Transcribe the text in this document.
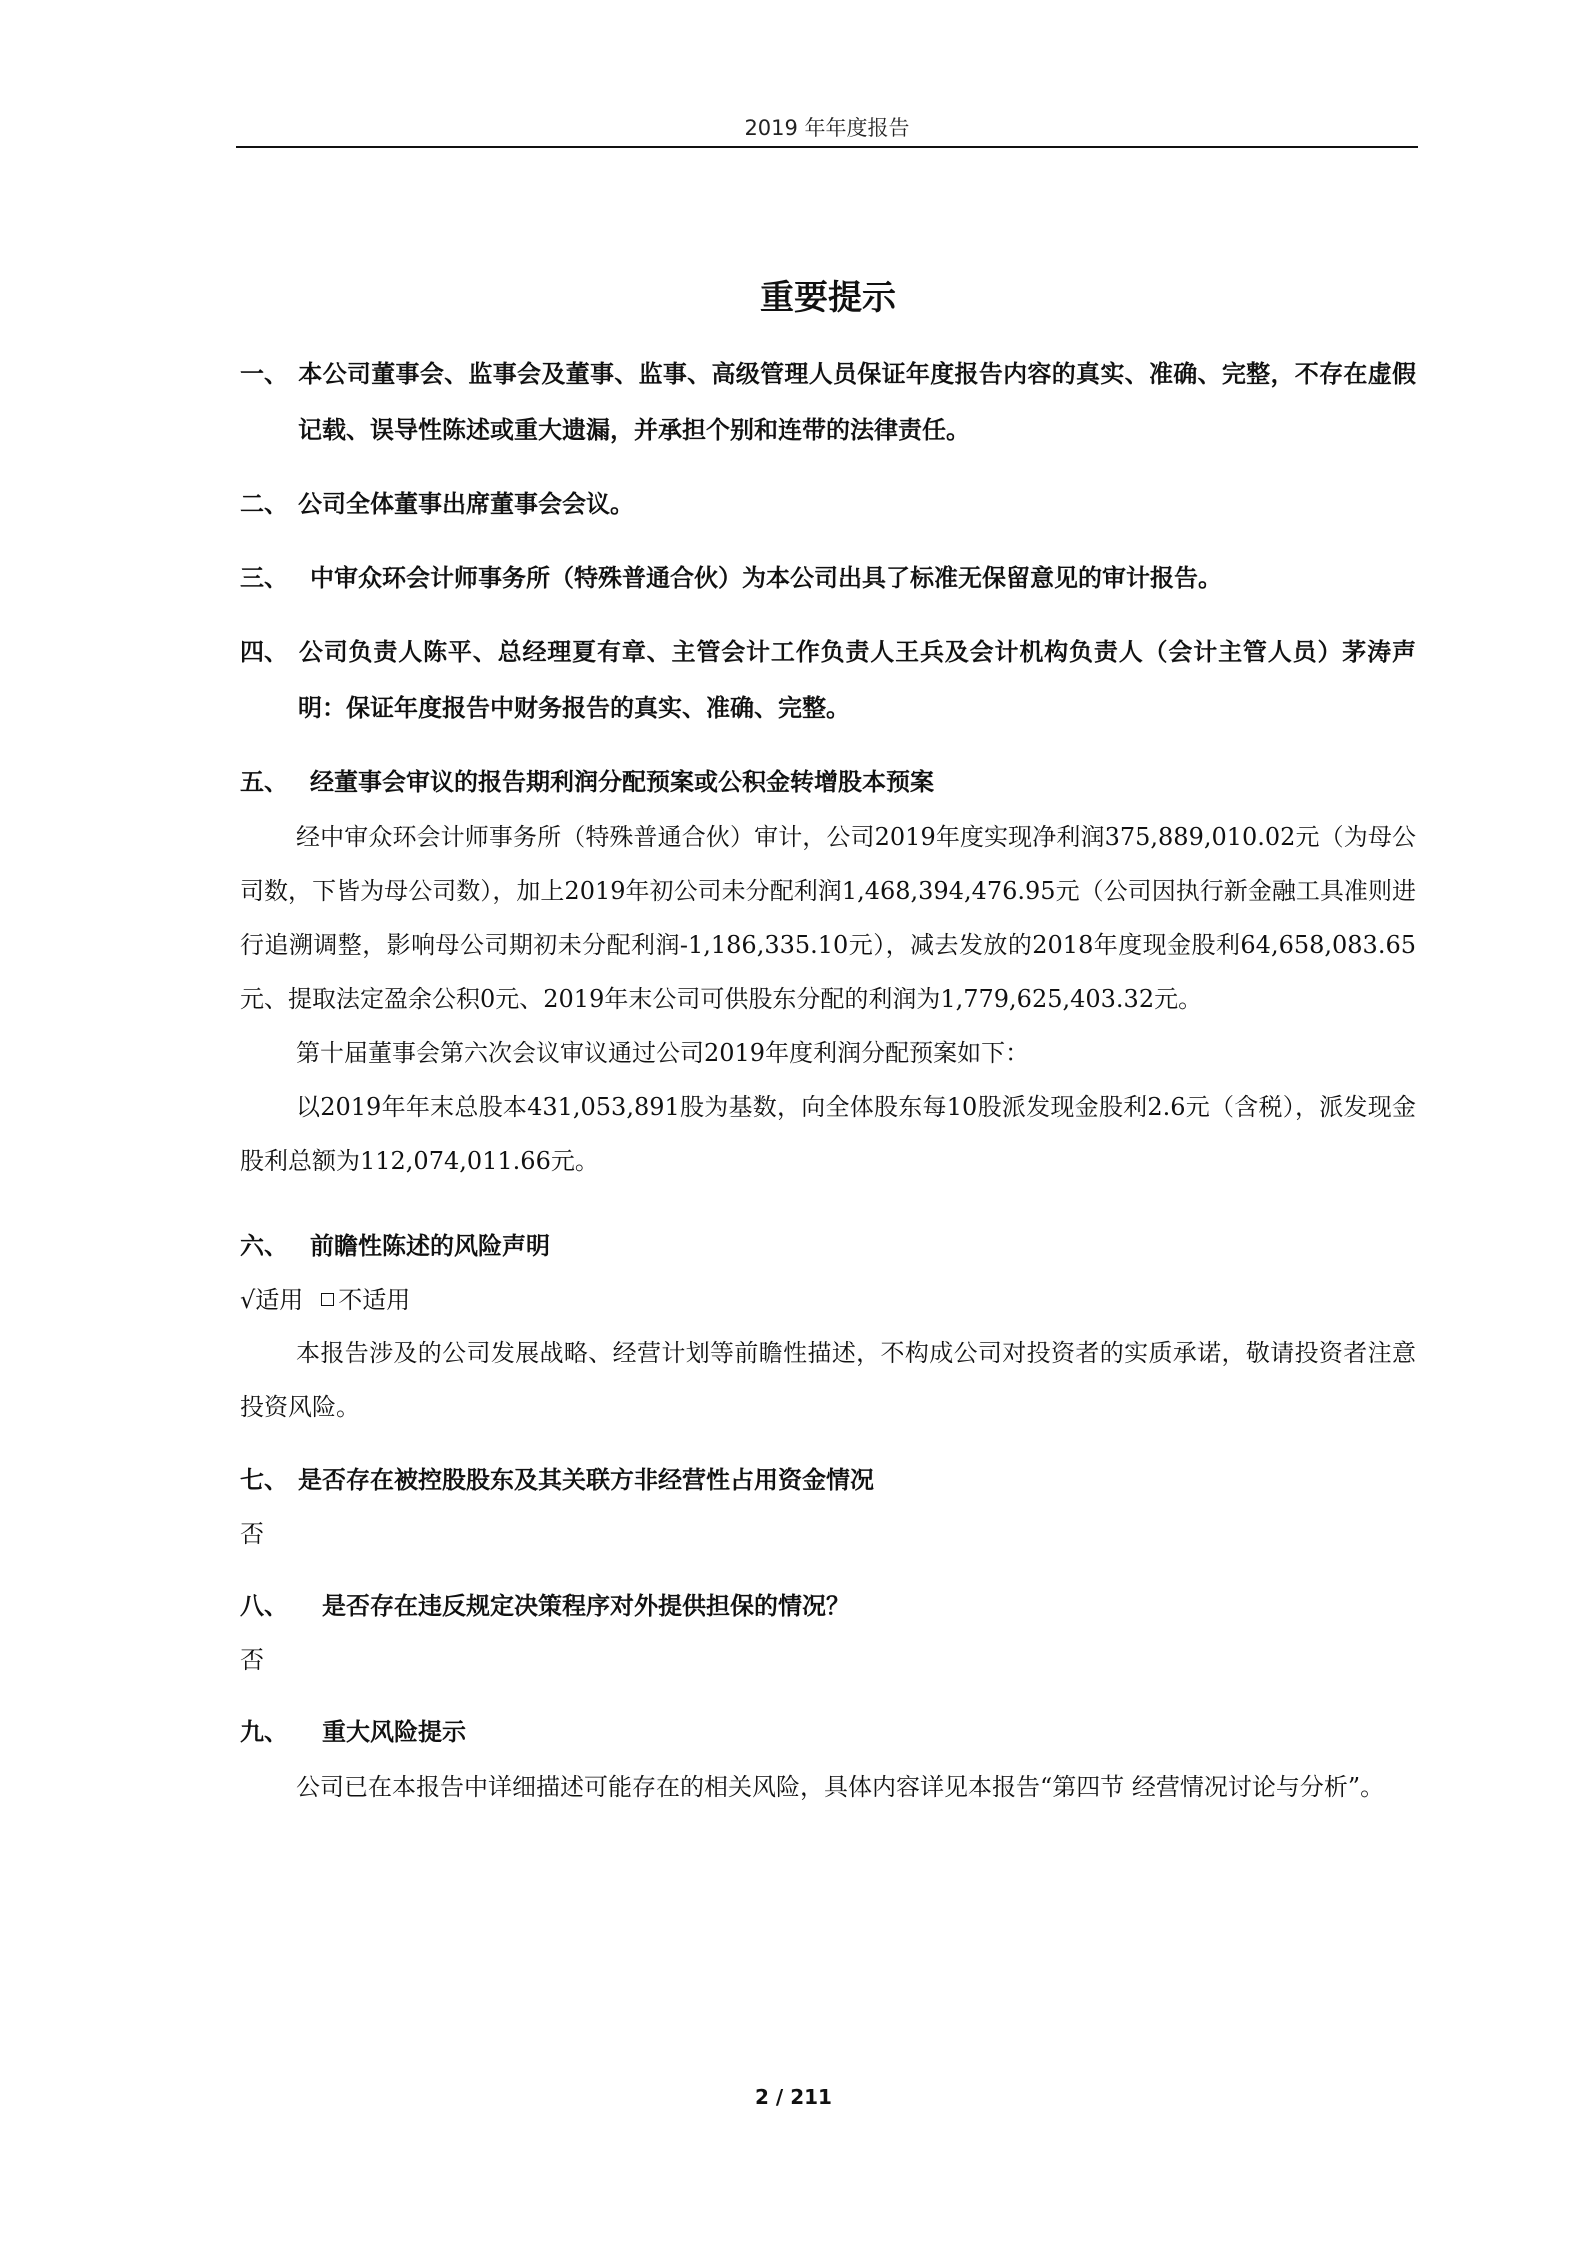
2019 年年度报告
重要提示

一、 本公司董事会、监事会及董事、监事、高级管理人员保证年度报告内容的真实、准确、完整，不存在虚假记载、误导性陈述或重大遗漏，并承担个别和连带的法律责任。

二、 公司全体董事出席董事会会议。

三、 中审众环会计师事务所（特殊普通合伙）为本公司出具了标准无保留意见的审计报告。

四、 公司负责人陈平、总经理夏有章、主管会计工作负责人王兵及会计机构负责人（会计主管人员）茅涛声明：保证年度报告中财务报告的真实、准确、完整。

五、 经董事会审议的报告期利润分配预案或公积金转增股本预案

经中审众环会计师事务所（特殊普通合伙）审计，公司2019年度实现净利润375,889,010.02元（为母公司数，下皆为母公司数），加上2019年初公司未分配利润1,468,394,476.95元（公司因执行新金融工具准则进行追溯调整，影响母公司期初未分配利润-1,186,335.10元），减去发放的2018年度现金股利64,658,083.65元、提取法定盈余公积0元、2019年末公司可供股东分配的利润为1,779,625,403.32元。

第十届董事会第六次会议审议通过公司2019年度利润分配预案如下：

以2019年年末总股本431,053,891股为基数，向全体股东每10股派发现金股利2.6元（含税），派发现金股利总额为112,074,011.66元。

六、 前瞻性陈述的风险声明

√适用 不适用

本报告涉及的公司发展战略、经营计划等前瞻性描述，不构成公司对投资者的实质承诺，敬请投资者注意投资风险。

七、 是否存在被控股股东及其关联方非经营性占用资金情况

否

八、 是否存在违反规定决策程序对外提供担保的情况？

否

九、 重大风险提示

公司已在本报告中详细描述可能存在的相关风险，具体内容详见本报告“第四节 经营情况讨论与分析”。

2 / 211
